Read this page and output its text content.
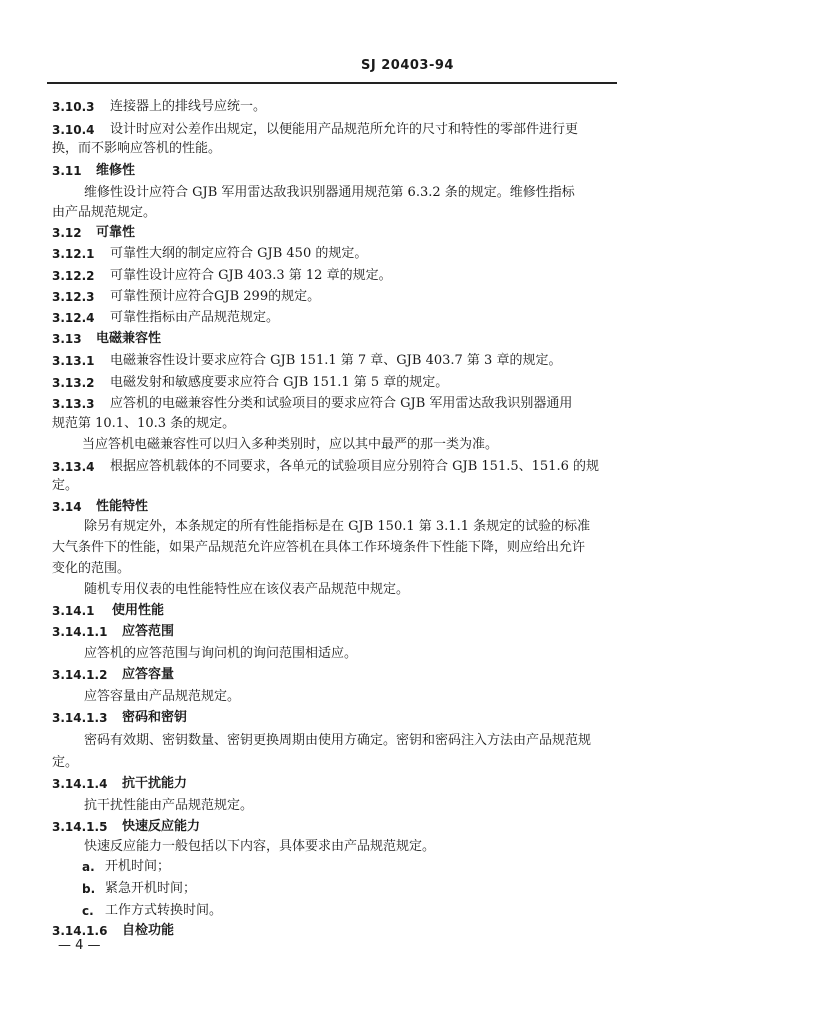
SJ 20403-94
3.10.3 连接器上的排线号应统一。
3.10.4 设计时应对公差作出规定，以便能用产品规范所允许的尺寸和特性的零部件进行更
换，而不影响应答机的性能。
3.11 维修性
维修性设计应符合 GJB 军用雷达敌我识别器通用规范第 6.3.2 条的规定。维修性指标
由产品规范规定。
3.12 可靠性
3.12.1 可靠性大纲的制定应符合 GJB 450 的规定。
3.12.2 可靠性设计应符合 GJB 403.3 第 12 章的规定。
3.12.3 可靠性预计应符合GJB 299的规定。
3.12.4 可靠性指标由产品规范规定。
3.13 电磁兼容性
3.13.1 电磁兼容性设计要求应符合 GJB 151.1 第 7 章、GJB 403.7 第 3 章的规定。
3.13.2 电磁发射和敏感度要求应符合 GJB 151.1 第 5 章的规定。
3.13.3 应答机的电磁兼容性分类和试验项目的要求应符合 GJB 军用雷达敌我识别器通用
规范第 10.1、10.3 条的规定。
当应答机电磁兼容性可以归入多种类别时，应以其中最严的那一类为准。
3.13.4 根据应答机载体的不同要求，各单元的试验项目应分别符合 GJB 151.5、151.6 的规
定。
3.14 性能特性
除另有规定外，本条规定的所有性能指标是在 GJB 150.1 第 3.1.1 条规定的试验的标准
大气条件下的性能，如果产品规范允许应答机在具体工作环境条件下性能下降，则应给出允许
变化的范围。
随机专用仪表的电性能特性应在该仪表产品规范中规定。
3.14.1 使用性能
3.14.1.1 应答范围
应答机的应答范围与询问机的询问范围相适应。
3.14.1.2 应答容量
应答容量由产品规范规定。
3.14.1.3 密码和密钥
密码有效期、密钥数量、密钥更换周期由使用方确定。密钥和密码注入方法由产品规范规
定。
3.14.1.4 抗干扰能力
抗干扰性能由产品规范规定。
3.14.1.5 快速反应能力
快速反应能力一般包括以下内容，具体要求由产品规范规定。
a. 开机时间；
b. 紧急开机时间；
c. 工作方式转换时间。
3.14.1.6 自检功能
— 4 —
